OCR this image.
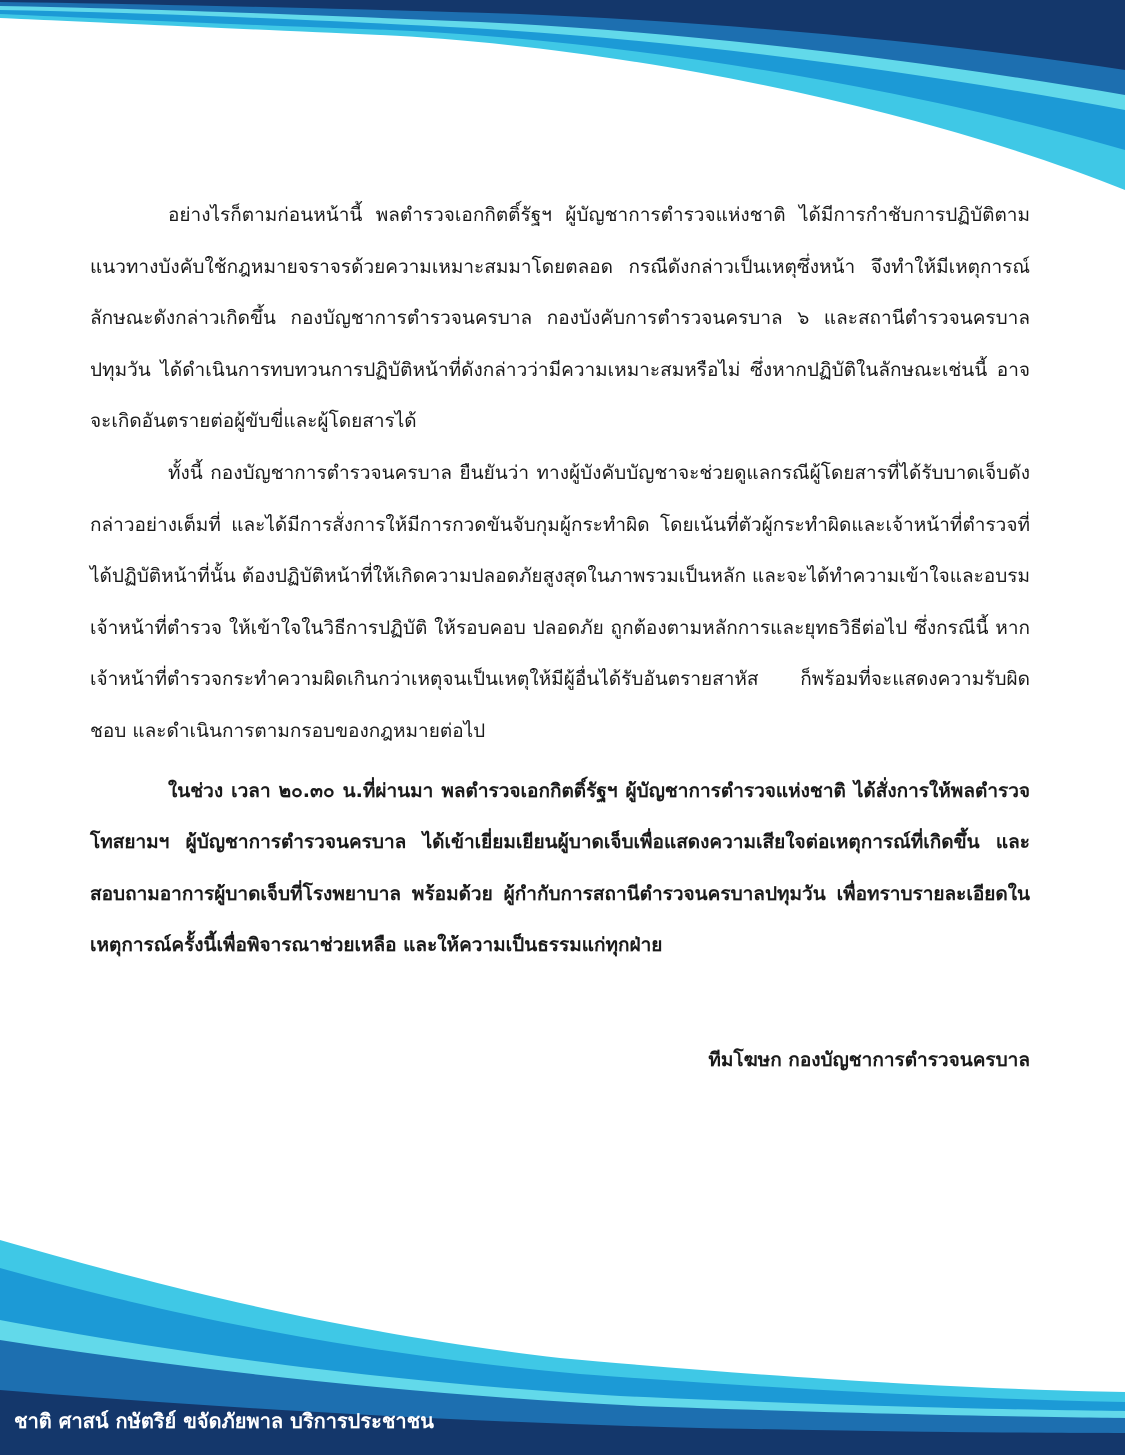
อย่างไรก็ตามก่อนหน้านี้ พลตำรวจเอกกิตติ์รัฐฯ ผู้บัญชาการตำรวจแห่งชาติ ได้มีการกำชับการปฏิบัติตามแนวทางบังคับใช้กฎหมายจราจรด้วยความเหมาะสมมาโดยตลอด กรณีดังกล่าวเป็นเหตุซึ่งหน้า จึงทำให้มีเหตุการณ์ลักษณะดังกล่าวเกิดขึ้น กองบัญชาการตำรวจนครบาล กองบังคับการตำรวจนครบาล ๖ และสถานีตำรวจนครบาลปทุมวัน ได้ดำเนินการทบทวนการปฏิบัติหน้าที่ดังกล่าวว่ามีความเหมาะสมหรือไม่ ซึ่งหากปฏิบัติในลักษณะเช่นนี้ อาจจะเกิดอันตรายต่อผู้ขับขี่และผู้โดยสารได้

ทั้งนี้ กองบัญชาการตำรวจนครบาล ยืนยันว่า ทางผู้บังคับบัญชาจะช่วยดูแลกรณีผู้โดยสารที่ได้รับบาดเจ็บดังกล่าวอย่างเต็มที่ และได้มีการสั่งการให้มีการกวดขันจับกุมผู้กระทำผิด โดยเน้นที่ตัวผู้กระทำผิดและเจ้าหน้าที่ตำรวจที่ได้ปฏิบัติหน้าที่นั้น ต้องปฏิบัติหน้าที่ให้เกิดความปลอดภัยสูงสุดในภาพรวมเป็นหลัก และจะได้ทำความเข้าใจและอบรมเจ้าหน้าที่ตำรวจ ให้เข้าใจในวิธีการปฏิบัติ ให้รอบคอบ ปลอดภัย ถูกต้องตามหลักการและยุทธวิธีต่อไป ซึ่งกรณีนี้ หากเจ้าหน้าที่ตำรวจกระทำความผิดเกินกว่าเหตุจนเป็นเหตุให้มีผู้อื่นได้รับอันตรายสาหัส ก็พร้อมที่จะแสดงความรับผิดชอบ และดำเนินการตามกรอบของกฎหมายต่อไป

ในช่วง เวลา ๒๐.๓๐ น.ที่ผ่านมา พลตำรวจเอกกิตติ์รัฐฯ ผู้บัญชาการตำรวจแห่งชาติ ได้สั่งการให้พลตำรวจโทสยามฯ ผู้บัญชาการตำรวจนครบาล ได้เข้าเยี่ยมเยียนผู้บาดเจ็บเพื่อแสดงความเสียใจต่อเหตุการณ์ที่เกิดขึ้น และสอบถามอาการผู้บาดเจ็บที่โรงพยาบาล พร้อมด้วย ผู้กำกับการสถานีตำรวจนครบาลปทุมวัน เพื่อทราบรายละเอียดในเหตุการณ์ครั้งนี้เพื่อพิจารณาช่วยเหลือ และให้ความเป็นธรรมแก่ทุกฝ่าย

ทีมโฆษก กองบัญชาการตำรวจนครบาล

ชาติ ศาสน์ กษัตริย์ ขจัดภัยพาล บริการประชาชน
